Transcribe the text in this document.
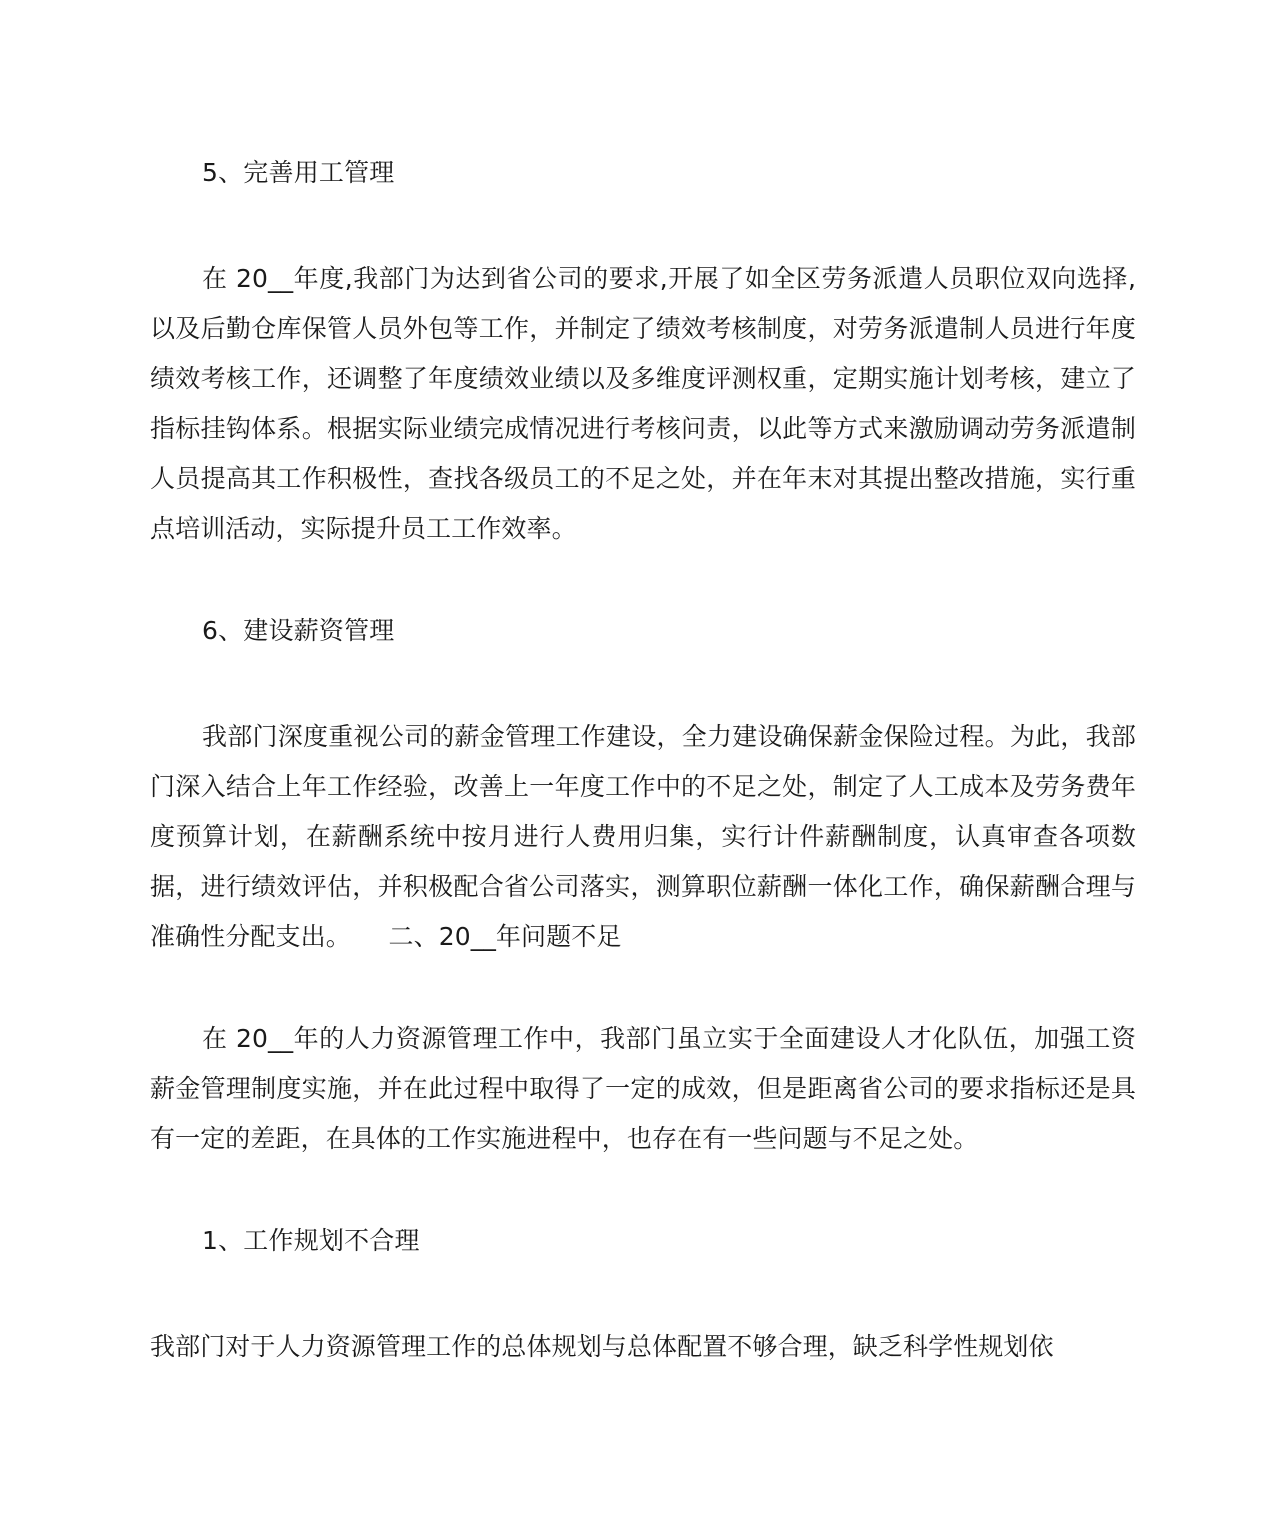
5、完善用工管理
在 20__年度,我部门为达到省公司的要求,开展了如全区劳务派遣人员职位双向选择,以及后勤仓库保管人员外包等工作，并制定了绩效考核制度，对劳务派遣制人员进行年度绩效考核工作，还调整了年度绩效业绩以及多维度评测权重，定期实施计划考核，建立了指标挂钩体系。根据实际业绩完成情况进行考核问责，以此等方式来激励调动劳务派遣制人员提高其工作积极性，查找各级员工的不足之处，并在年末对其提出整改措施，实行重点培训活动，实际提升员工工作效率。
6、建设薪资管理
我部门深度重视公司的薪金管理工作建设，全力建设确保薪金保险过程。为此，我部门深入结合上年工作经验，改善上一年度工作中的不足之处，制定了人工成本及劳务费年度预算计划，在薪酬系统中按月进行人费用归集，实行计件薪酬制度，认真审查各项数据，进行绩效评估，并积极配合省公司落实，测算职位薪酬一体化工作，确保薪酬合理与准确性分配支出。　　 二、20__年问题不足
在 20__年的人力资源管理工作中，我部门虽立实于全面建设人才化队伍，加强工资薪金管理制度实施，并在此过程中取得了一定的成效，但是距离省公司的要求指标还是具有一定的差距，在具体的工作实施进程中，也存在有一些问题与不足之处。
1、工作规划不合理
我部门对于人力资源管理工作的总体规划与总体配置不够合理，缺乏科学性规划依
